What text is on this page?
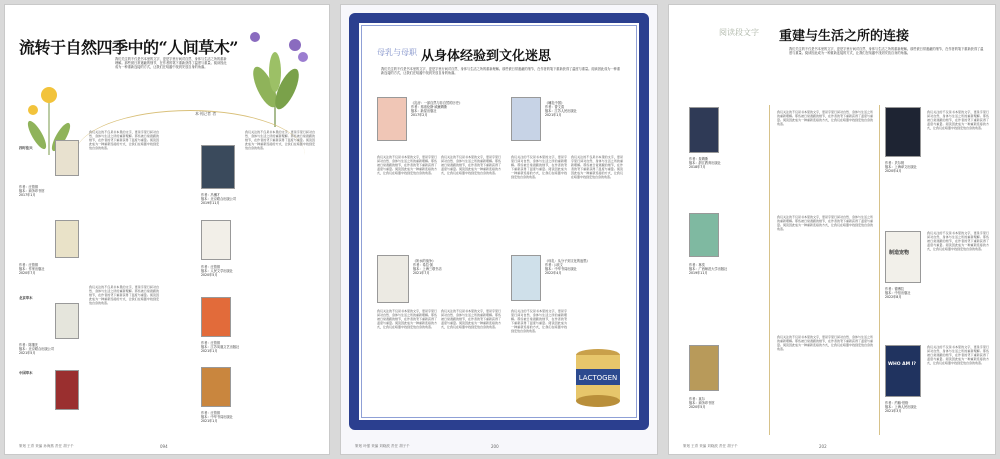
流转于自然四季中的“人间草木”
我们关注的不仅是书本里的文字，更是字里行间对自然、身体与生活之所的重新理解。那些被日常遮蔽的细节，在作者的笔下重新获得了温度与重量。阅读因此成为一种重新连接的方式，让我们在喧嚣中找到安放自身的角落。
本刊记者 者
作者：汪曾祺
版本：商务印书馆
2017年1月
作者：汪曾祺
版本：作家出版社
2020年7月
作者：陈继先
版本：北京联合出版公司
2021年5月
四时佳兴
北京草木
中国草木
我们关注的不仅是书本里的文字，更是字里行间对自然、身体与生活之所的重新理解。那些被日常遮蔽的细节，在作者的笔下重新获得了温度与重量。阅读因此成为一种重新连接的方式，让我们在喧嚣中找到安放自身的角落。
我们关注的不仅是书本里的文字，更是字里行间对自然、身体与生活之所的重新理解。那些被日常遮蔽的细节，在作者的笔下重新获得了温度与重量。阅读因此成为一种重新连接的方式，让我们在喧嚣中找到安放自身的角落。
我们关注的不仅是书本里的文字，更是字里行间对自然、身体与生活之所的重新理解。那些被日常遮蔽的细节，在作者的笔下重新获得了温度与重量。阅读因此成为一种重新连接的方式，让我们在喧嚣中找到安放自身的角落。
作者：冯骥才
版本：北京联合出版公司
2019年11月
作者：汪曾祺
版本：人民文学出版社
2020年5月
作者：汪曾祺
版本：江苏凤凰文艺出版社
2021年1月
作者：汪曾祺
版本：中华书局出版社
2021年1月
策划 王青 采编 孙海燕 责任 胡子千	094
母乳与母职 从身体经验到文化迷思
我们关注的不仅是书本里的文字，更是字里行间对自然、身体与生活之所的重新理解。那些被日常遮蔽的细节，在作者的笔下重新获得了温度与重量。阅读因此成为一种重新连接的方式，让我们在喧嚣中找到安放自身的角落。
《乳房：一部自然与非自然的历史》
作者：弗洛伦斯·威廉姆斯
版本：新星出版社
2017年2月
《哺乳中国》
作者：曾文清
版本：江苏人民出版社
2021年1月
我们关注的不仅是书本里的文字，更是字里行间对自然、身体与生活之所的重新理解。那些被日常遮蔽的细节，在作者的笔下重新获得了温度与重量。阅读因此成为一种重新连接的方式，让我们在喧嚣中找到安放自身的角落。
我们关注的不仅是书本里的文字，更是字里行间对自然、身体与生活之所的重新理解。那些被日常遮蔽的细节，在作者的笔下重新获得了温度与重量。阅读因此成为一种重新连接的方式，让我们在喧嚣中找到安放自身的角落。
我们关注的不仅是书本里的文字，更是字里行间对自然、身体与生活之所的重新理解。那些被日常遮蔽的细节，在作者的笔下重新获得了温度与重量。阅读因此成为一种重新连接的方式，让我们在喧嚣中找到安放自身的角落。
我们关注的不仅是书本里的文字，更是字里行间对自然、身体与生活之所的重新理解。那些被日常遮蔽的细节，在作者的笔下重新获得了温度与重量。阅读因此成为一种重新连接的方式，让我们在喧嚣中找到安放自身的角落。
《奶水的战争》
作者：希拉·凯
版本：上海三联书店
2021年7月
《母乳：从分子到文化的迷思》
作者：J.欧文
版本：中华书局出版社
2022年4月
我们关注的不仅是书本里的文字，更是字里行间对自然、身体与生活之所的重新理解。那些被日常遮蔽的细节，在作者的笔下重新获得了温度与重量。阅读因此成为一种重新连接的方式，让我们在喧嚣中找到安放自身的角落。
我们关注的不仅是书本里的文字，更是字里行间对自然、身体与生活之所的重新理解。那些被日常遮蔽的细节，在作者的笔下重新获得了温度与重量。阅读因此成为一种重新连接的方式，让我们在喧嚣中找到安放自身的角落。
我们关注的不仅是书本里的文字，更是字里行间对自然、身体与生活之所的重新理解。那些被日常遮蔽的细节，在作者的笔下重新获得了温度与重量。阅读因此成为一种重新连接的方式，让我们在喧嚣中找到安放自身的角落。
LACTOGEN
策划 叶强 采编 刘晓波 责任 胡子千	200
阅读段文字 重建与生活之所的连接
我们关注的不仅是书本里的文字，更是字里行间对自然、身体与生活之所的重新理解。那些被日常遮蔽的细节，在作者的笔下重新获得了温度与重量。阅读因此成为一种重新连接的方式，让我们在喧嚣中找到安放自身的角落。
作者：詹姆斯
版本：浙江教育出版社
2018年7月
作者：林奕
版本：广西师范大学出版社
2019年11月
作者：莫尔
版本：商务印书馆
2020年5月
我们关注的不仅是书本里的文字，更是字里行间对自然、身体与生活之所的重新理解。那些被日常遮蔽的细节，在作者的笔下重新获得了温度与重量。阅读因此成为一种重新连接的方式，让我们在喧嚣中找到安放自身的角落。
我们关注的不仅是书本里的文字，更是字里行间对自然、身体与生活之所的重新理解。那些被日常遮蔽的细节，在作者的笔下重新获得了温度与重量。阅读因此成为一种重新连接的方式，让我们在喧嚣中找到安放自身的角落。
我们关注的不仅是书本里的文字，更是字里行间对自然、身体与生活之所的重新理解。那些被日常遮蔽的细节，在作者的笔下重新获得了温度与重量。阅读因此成为一种重新连接的方式，让我们在喧嚣中找到安放自身的角落。
我们关注的不仅是书本里的文字，更是字里行间对自然、身体与生活之所的重新理解。那些被日常遮蔽的细节，在作者的笔下重新获得了温度与重量。阅读因此成为一种重新连接的方式，让我们在喧嚣中找到安放自身的角落。
作者：贝尔纳
版本：上海译文出版社
2020年4月
制造宠物
作者：德博拉
版本：中信出版社
2022年8月
我们关注的不仅是书本里的文字，更是字里行间对自然、身体与生活之所的重新理解。那些被日常遮蔽的细节，在作者的笔下重新获得了温度与重量。阅读因此成为一种重新连接的方式，让我们在喧嚣中找到安放自身的角落。
WHO AM I?
作者：约翰·伯格
版本：上海人民出版社
2021年3月
我们关注的不仅是书本里的文字，更是字里行间对自然、身体与生活之所的重新理解。那些被日常遮蔽的细节，在作者的笔下重新获得了温度与重量。阅读因此成为一种重新连接的方式，让我们在喧嚣中找到安放自身的角落。
策划 王青 采编 刘晓波 责任 胡子千	202
